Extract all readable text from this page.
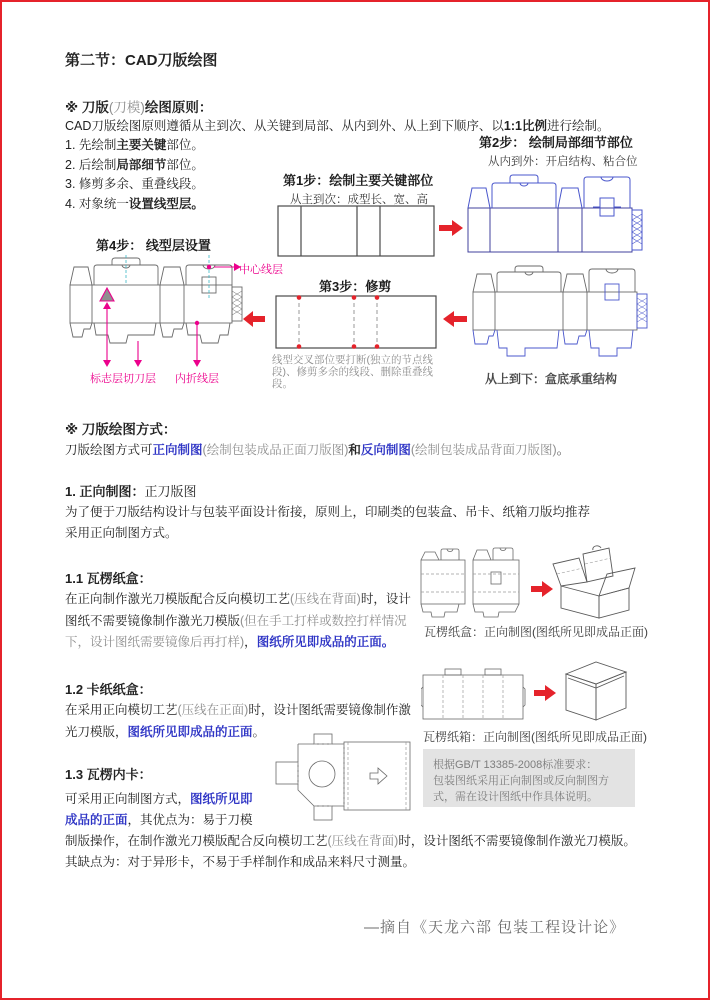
第二节：CAD刀版绘图

※ 刀版(刀模)绘图原则：

CAD刀版绘图原则遵循从主到次、从关键到局部、从内到外、从上到下顺序、以1:1比例进行绘制。

1. 先绘制主要关键部位。

2. 后绘制局部细节部位。

3. 修剪多余、重叠线段。

4. 对象统一设置线型层。

第2步： 绘制局部细节部位

从内到外：开启结构、粘合位

第1步：绘制主要关键部位

从主到次：成型长、宽、高

第4步： 线型层设置

中心线层
标志层 切刀层 内折线层

第3步：修剪

线型交叉部位要打断(独立的节点线段)、修剪多余的线段、删除重叠线段。	从上到下：盒底承重结构

※ 刀版绘图方式：

刀版绘图方式可正向制图(绘制包装成品正面刀版图)和反向制图(绘制包装成品背面刀版图)。

1. 正向制图：正刀版图

为了便于刀版结构设计与包装平面设计衔接，原则上，印刷类的包装盒、吊卡、纸箱刀版均推荐采用正向制图方式。

1.1 瓦楞纸盒：

在正向制作激光刀模版配合反向模切工艺(压线在背面)时，设计图纸不需要镜像制作激光刀模版(但在手工打样或数控打样情况下，设计图纸需要镜像后再打样)，图纸所见即成品的正面。

瓦楞纸盒：正向制图(图纸所见即成品正面)

1.2 卡纸纸盒：

在采用正向模切工艺(压线在正面)时，设计图纸需要镜像制作激光刀模版，图纸所见即成品的正面。	瓦楞纸箱：正向制图(图纸所见即成品正面)

根据GB/T 13385-2008标准要求：
包装图纸采用正向制图或反向制图方式，需在设计图纸中作具体说明。

1.3 瓦楞内卡：

可采用正向制图方式，图纸所见即成品的正面，其优点为：易于刀模制版操作，在制作激光刀模版配合反向模切工艺(压线在背面)时，设计图纸不需要镜像制作激光刀模版。
其缺点为：对于异形卡，不易于手样制作和成品来料尺寸测量。

—摘自《天龙六部 包装工程设计论》
